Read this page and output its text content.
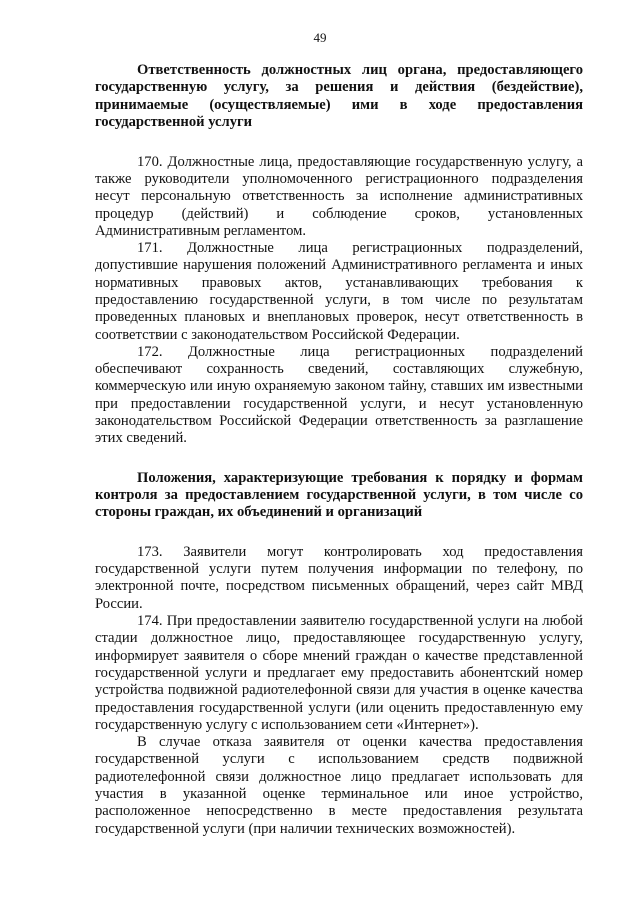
49

Ответственность должностных лиц органа, предоставляющего государственную услугу, за решения и действия (бездействие), принимаемые (осуществляемые) ими в ходе предоставления государственной услуги

170. Должностные лица, предоставляющие государственную услугу, а также руководители уполномоченного регистрационного подразделения несут персональную ответственность за исполнение административных процедур (действий) и соблюдение сроков, установленных Административным регламентом.

171. Должностные лица регистрационных подразделений, допустившие нарушения положений Административного регламента и иных нормативных правовых актов, устанавливающих требования к предоставлению государственной услуги, в том числе по результатам проведенных плановых и внеплановых проверок, несут ответственность в соответствии с законодательством Российской Федерации.

172. Должностные лица регистрационных подразделений обеспечивают сохранность сведений, составляющих служебную, коммерческую или иную охраняемую законом тайну, ставших им известными при предоставлении государственной услуги, и несут установленную законодательством Российской Федерации ответственность за разглашение этих сведений.

Положения, характеризующие требования к порядку и формам контроля за предоставлением государственной услуги, в том числе со стороны граждан, их объединений и организаций

173. Заявители могут контролировать ход предоставления государственной услуги путем получения информации по телефону, по электронной почте, посредством письменных обращений, через сайт МВД России.

174. При предоставлении заявителю государственной услуги на любой стадии должностное лицо, предоставляющее государственную услугу, информирует заявителя о сборе мнений граждан о качестве представленной государственной услуги и предлагает ему предоставить абонентский номер устройства подвижной радиотелефонной связи для участия в оценке качества предоставления государственной услуги (или оценить предоставленную ему государственную услугу с использованием сети «Интернет»).

В случае отказа заявителя от оценки качества предоставления государственной услуги с использованием средств подвижной радиотелефонной связи должностное лицо предлагает использовать для участия в указанной оценке терминальное или иное устройство, расположенное непосредственно в месте предоставления результата государственной услуги (при наличии технических возможностей).
